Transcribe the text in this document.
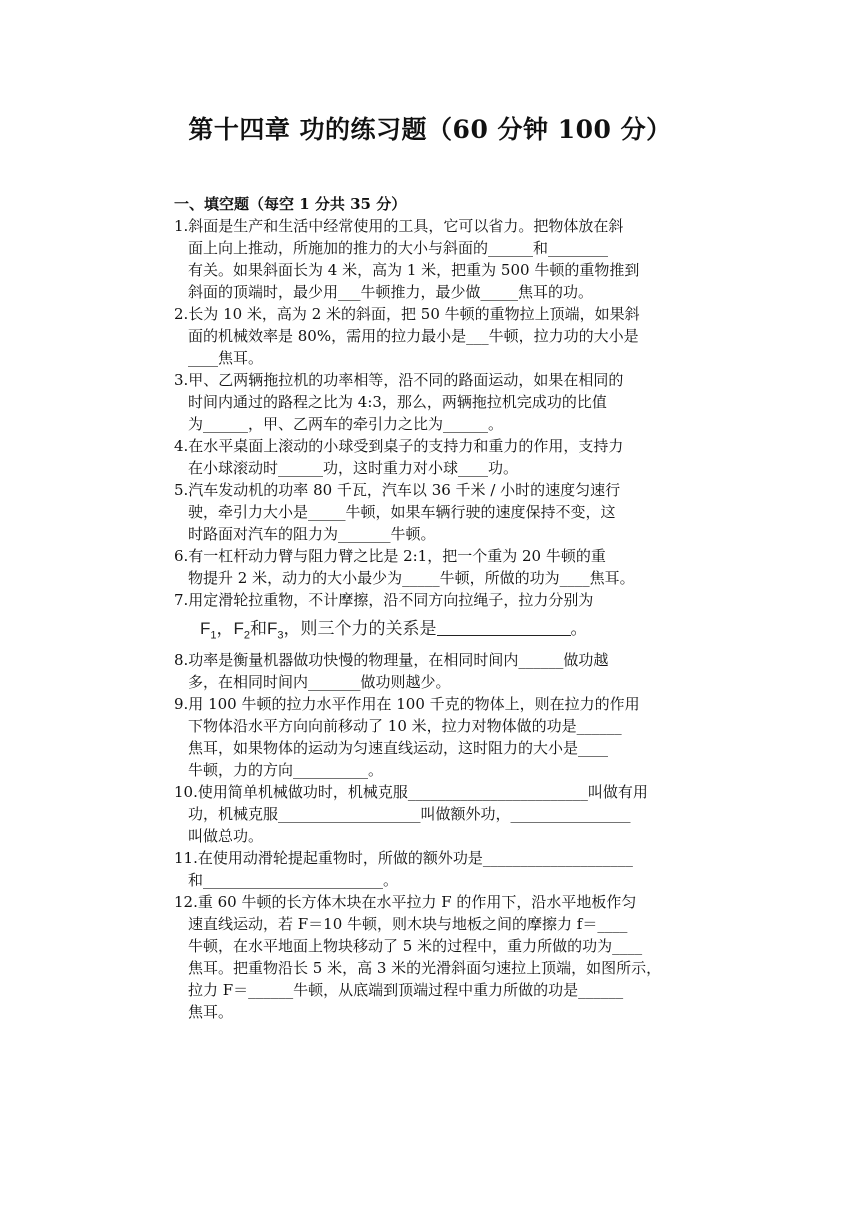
第十四章 功的练习题（60 分钟 100 分）
一、填空题（每空 1 分共 35 分）
1.斜面是生产和生活中经常使用的工具，它可以省力。把物体放在斜
面上向上推动，所施加的推力的大小与斜面的______和________
有关。如果斜面长为 4 米，高为 1 米，把重为 500 牛顿的重物推到
斜面的顶端时，最少用___牛顿推力，最少做_____焦耳的功。
2.长为 10 米，高为 2 米的斜面，把 50 牛顿的重物拉上顶端，如果斜
面的机械效率是 80%，需用的拉力最小是___牛顿，拉力功的大小是
____焦耳。
3.甲、乙两辆拖拉机的功率相等，沿不同的路面运动，如果在相同的
时间内通过的路程之比为 4:3，那么，两辆拖拉机完成功的比值
为______，甲、乙两车的牵引力之比为______。
4.在水平桌面上滚动的小球受到桌子的支持力和重力的作用，支持力
在小球滚动时______功，这时重力对小球____功。
5.汽车发动机的功率 80 千瓦，汽车以 36 千米 / 小时的速度匀速行
驶，牵引力大小是_____牛顿，如果车辆行驶的速度保持不变，这
时路面对汽车的阻力为_______牛顿。
6.有一杠杆动力臂与阻力臂之比是 2:1，把一个重为 20 牛顿的重
物提升 2 米，动力的大小最少为_____牛顿，所做的功为____焦耳。
7.用定滑轮拉重物，不计摩擦，沿不同方向拉绳子，拉力分别为
$F_1$，$F_2$和$F_3$，则三个力的关系是	。
8.功率是衡量机器做功快慢的物理量，在相同时间内______做功越
多，在相同时间内_______做功则越少。
9.用 100 牛顿的拉力水平作用在 100 千克的物体上，则在拉力的作用
下物体沿水平方向向前移动了 10 米，拉力对物体做的功是______
焦耳，如果物体的运动为匀速直线运动，这时阻力的大小是____
牛顿，力的方向__________。
10.使用简单机械做功时，机械克服________________________叫做有用
功，机械克服___________________叫做额外功，________________
叫做总功。
11.在使用动滑轮提起重物时，所做的额外功是____________________
和________________________。
12.重 60 牛顿的长方体木块在水平拉力 F 的作用下，沿水平地板作匀
速直线运动，若 F＝10 牛顿，则木块与地板之间的摩擦力 f＝____
牛顿，在水平地面上物块移动了 5 米的过程中，重力所做的功为____
焦耳。把重物沿长 5 米，高 3 米的光滑斜面匀速拉上顶端，如图所示，
拉力 F＝______牛顿，从底端到顶端过程中重力所做的功是______
焦耳。
